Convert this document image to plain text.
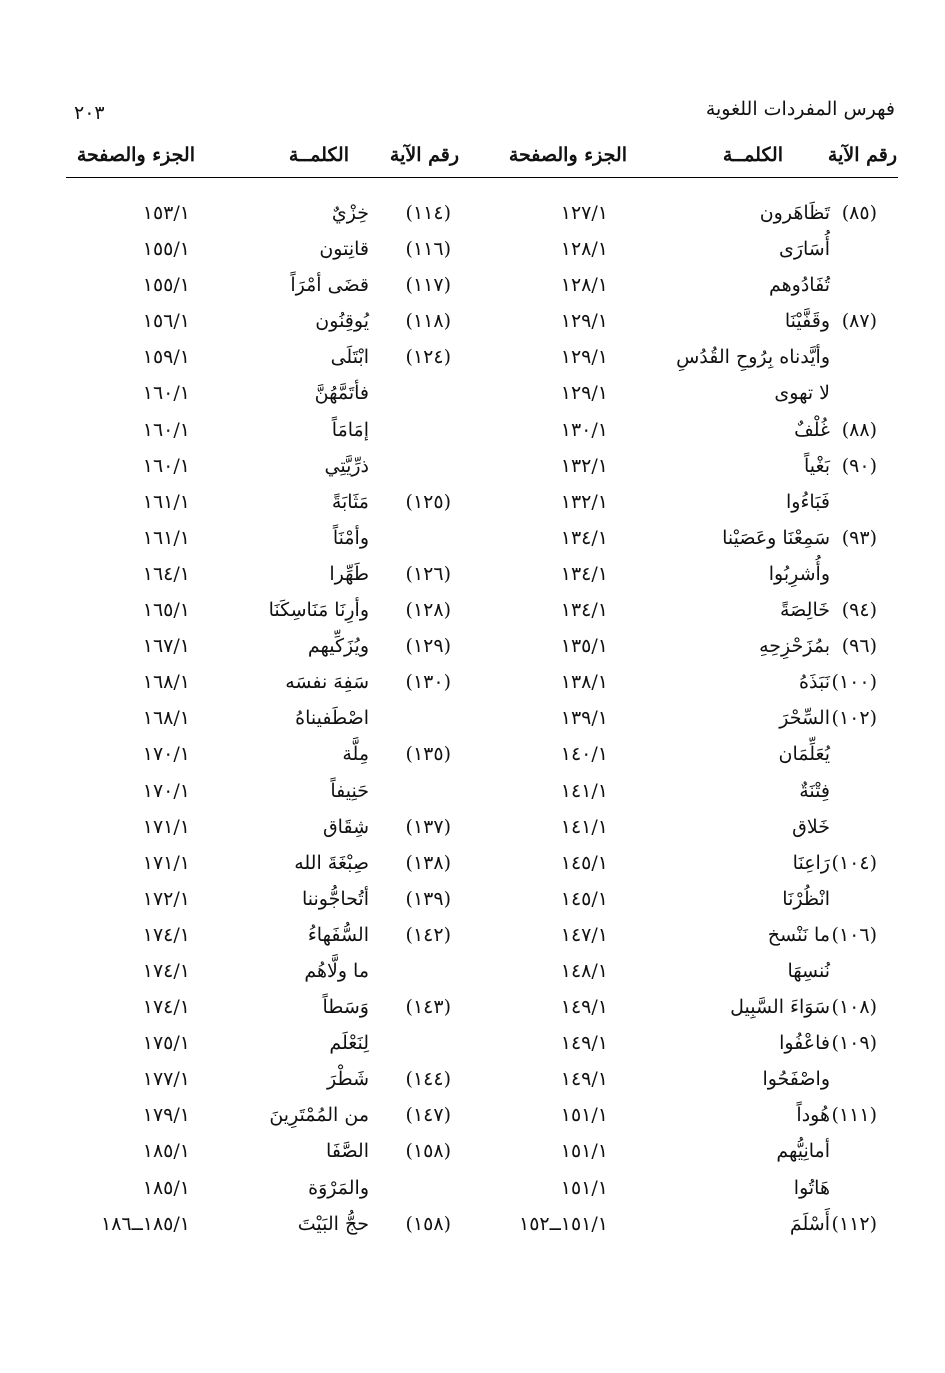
فهرس المفردات اللغوية
٢٠٣
رقم الآية
الكلمــة
الجزء والصفحة
رقم الآية
الكلمــة
الجزء والصفحة
(٨٥)
تَظَاهَرون
١٢٧/١
(١١٤)
خِزْيٌ
١٥٣/١
أُسَارَى
١٢٨/١
(١١٦)
قانِتون
١٥٥/١
تُفَادُوهم
١٢٨/١
(١١٧)
قضَى أمْرَاً
١٥٥/١
(٨٧)
وقَفَّيْنَا
١٢٩/١
(١١٨)
يُوقِنُون
١٥٦/١
وأيَّدناه بِرُوحِ القُدُسِ
١٢٩/١
(١٢٤)
ابْتَلَى
١٥٩/١
لا تهوى
١٢٩/١
فأتَمَّهُنَّ
١٦٠/١
(٨٨)
غُلْفٌ
١٣٠/١
إمَامَاً
١٦٠/١
(٩٠)
بَغْياً
١٣٢/١
ذرِّيَّتِي
١٦٠/١
فَبَاءُوا
١٣٢/١
(١٢٥)
مَثَابَةً
١٦١/١
(٩٣)
سَمِعْنَا وعَصَيْنا
١٣٤/١
وأمْنَاً
١٦١/١
وأُشرِبُوا
١٣٤/١
(١٢٦)
طَهِّرا
١٦٤/١
(٩٤)
خَالِصَةً
١٣٤/١
(١٢٨)
وأرِنَا مَنَاسِكَنَا
١٦٥/١
(٩٦)
بمُزَحْزِحِهِ
١٣٥/١
(١٢٩)
ويُزَكِّيهم
١٦٧/١
(١٠٠)
نَبَذَهُ
١٣٨/١
(١٣٠)
سَفِهَ نفسَه
١٦٨/١
(١٠٢)
السِّحْرَ
١٣٩/١
اصْطَفيناهُ
١٦٨/١
يُعَلِّمَان
١٤٠/١
(١٣٥)
مِلَّة
١٧٠/١
فِتْنَةٌ
١٤١/١
حَنِيفاً
١٧٠/١
خَلاق
١٤١/١
(١٣٧)
شِقَاق
١٧١/١
(١٠٤)
رَاعِنَا
١٤٥/١
(١٣٨)
صِبْغَةَ الله
١٧١/١
انْظُرْنَا
١٤٥/١
(١٣٩)
أتُحاجُّوننا
١٧٢/١
(١٠٦)
ما نَنْسخ
١٤٧/١
(١٤٢)
السُّفَهاءُ
١٧٤/١
نُنسِهَا
١٤٨/١
ما ولَّاهُم
١٧٤/١
(١٠٨)
سَوَاءَ السَّبِيل
١٤٩/١
(١٤٣)
وَسَطاً
١٧٤/١
(١٠٩)
فاعْفُوا
١٤٩/١
لِنَعْلَم
١٧٥/١
واصْفَحُوا
١٤٩/١
(١٤٤)
شَطْرَ
١٧٧/١
(١١١)
هُوداً
١٥١/١
(١٤٧)
من المُمْتَرِينَ
١٧٩/١
أمانِيُّهم
١٥١/١
(١٥٨)
الصَّفَا
١٨٥/١
هَاتُوا
١٥١/١
والمَرْوَة
١٨٥/١
(١١٢)
أَسْلَمَ
١٥١/١ــ١٥٢
(١٥٨)
حجُّ البَيْتَ
١٨٥/١ــ١٨٦
